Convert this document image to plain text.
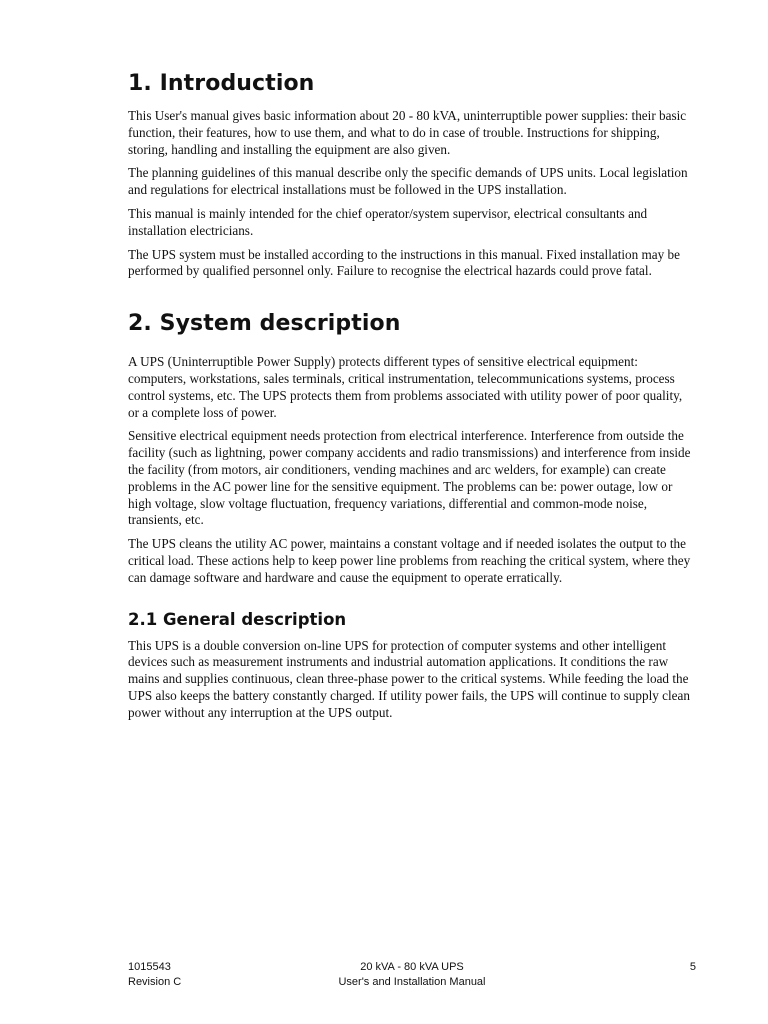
1. Introduction

This User's manual gives basic information about 20 - 80 kVA, uninterruptible power supplies: their basic function, their features, how to use them, and what to do in case of trouble. Instructions for shipping, storing, handling and installing the equipment are also given.

The planning guidelines of this manual describe only the specific demands of UPS units. Local legislation and regulations for electrical installations must be followed in the UPS installation.

This manual is mainly intended for the chief operator/system supervisor, electrical consultants and installation electricians.

The UPS system must be installed according to the instructions in this manual. Fixed installation may be performed by qualified personnel only. Failure to recognise the electrical hazards could prove fatal.

2. System description

A UPS (Uninterruptible Power Supply) protects different types of sensitive electrical equipment: computers, workstations, sales terminals, critical instrumentation, telecommunications systems, process control systems, etc. The UPS protects them from problems associated with utility power of poor quality, or a complete loss of power.

Sensitive electrical equipment needs protection from electrical interference. Interference from outside the facility (such as lightning, power company accidents and radio transmissions) and interference from inside the facility (from motors, air conditioners, vending machines and arc welders, for example) can create problems in the AC power line for the sensitive equipment. The problems can be: power outage, low or high voltage, slow voltage fluctuation, frequency variations, differential and common-mode noise, transients, etc.

The UPS cleans the utility AC power, maintains a constant voltage and if needed isolates the output to the critical load. These actions help to keep power line problems from reaching the critical system, where they can damage software and hardware and cause the equipment to operate erratically.

2.1 General description

This UPS is a double conversion on-line UPS for protection of computer systems and other intelligent devices such as measurement instruments and industrial automation applications. It conditions the raw mains and supplies continuous, clean three-phase power to the critical systems. While feeding the load the UPS also keeps the battery constantly charged. If utility power fails, the UPS will continue to supply clean power without any interruption at the UPS output.

1015543
Revision C
20 kVA - 80 kVA UPS
User's and Installation Manual
5
